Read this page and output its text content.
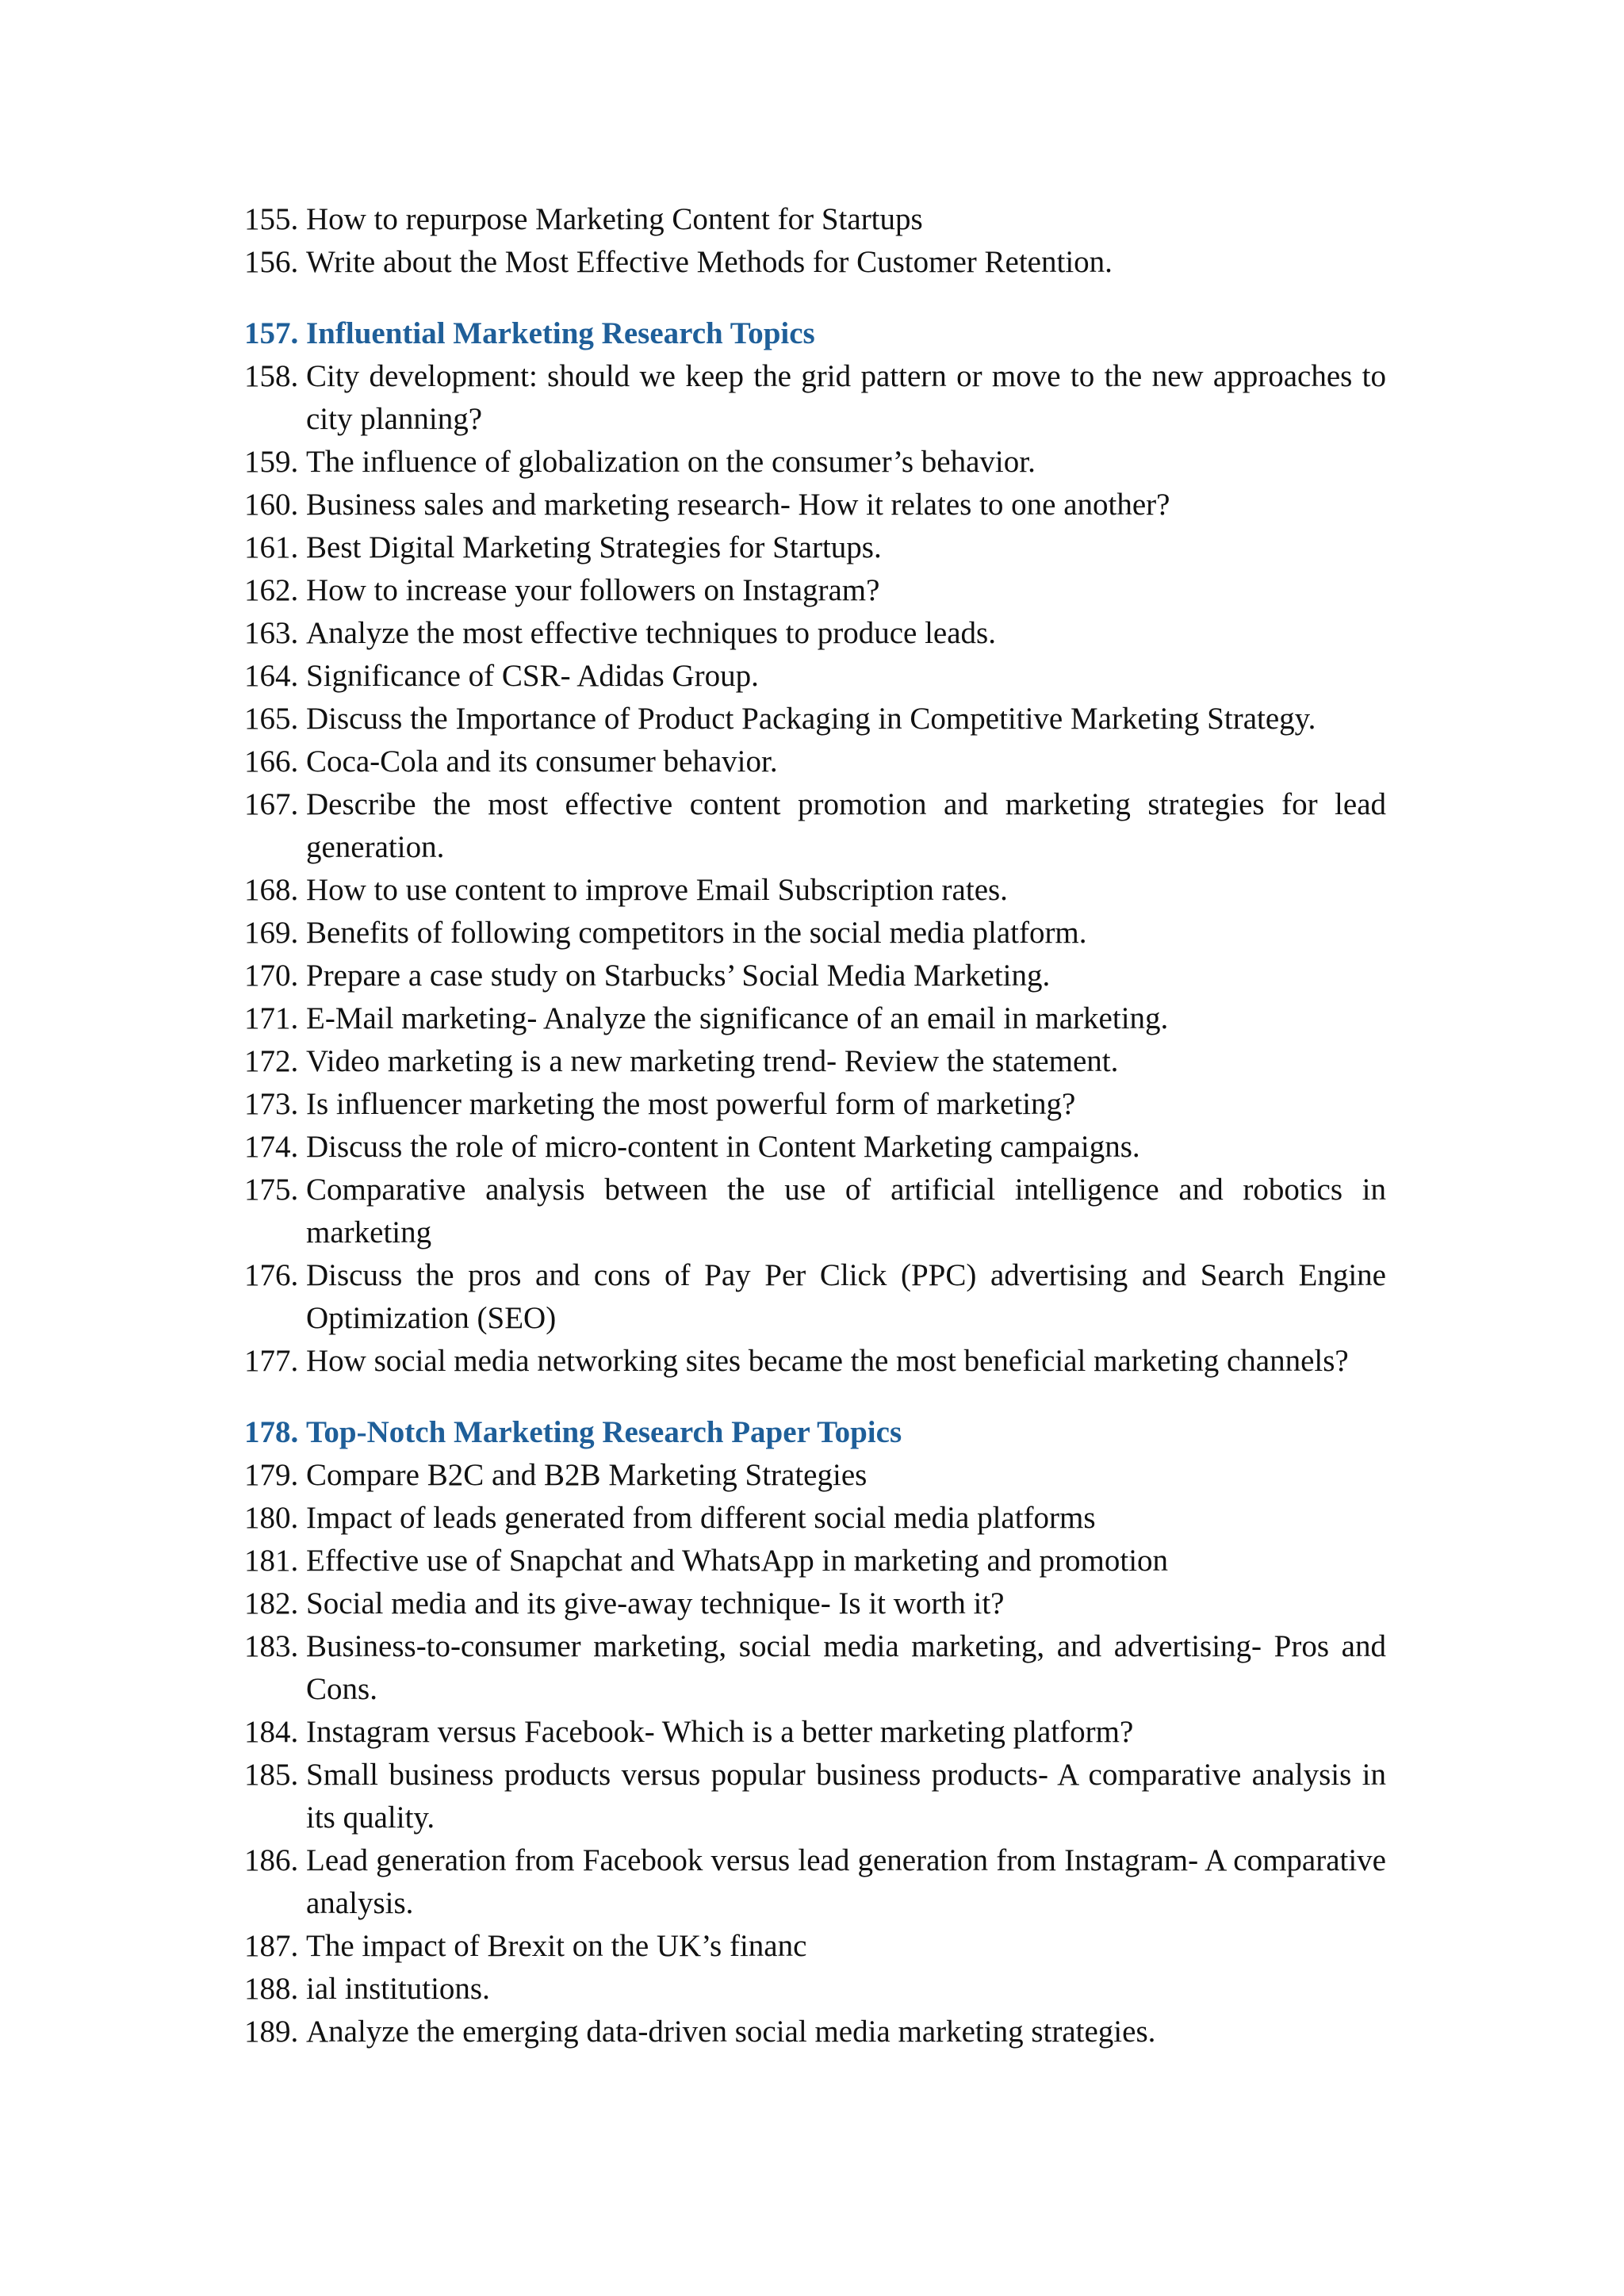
155. How to repurpose Marketing Content for Startups
156. Write about the Most Effective Methods for Customer Retention.
157. Influential Marketing Research Topics
158. City development: should we keep the grid pattern or move to the new approaches to city planning?
159. The influence of globalization on the consumer’s behavior.
160. Business sales and marketing research- How it relates to one another?
161. Best Digital Marketing Strategies for Startups.
162. How to increase your followers on Instagram?
163. Analyze the most effective techniques to produce leads.
164. Significance of CSR- Adidas Group.
165. Discuss the Importance of Product Packaging in Competitive Marketing Strategy.
166. Coca-Cola and its consumer behavior.
167. Describe the most effective content promotion and marketing strategies for lead generation.
168. How to use content to improve Email Subscription rates.
169. Benefits of following competitors in the social media platform.
170. Prepare a case study on Starbucks’ Social Media Marketing.
171. E-Mail marketing- Analyze the significance of an email in marketing.
172. Video marketing is a new marketing trend- Review the statement.
173. Is influencer marketing the most powerful form of marketing?
174. Discuss the role of micro-content in Content Marketing campaigns.
175. Comparative analysis between the use of artificial intelligence and robotics in marketing
176. Discuss the pros and cons of Pay Per Click (PPC) advertising and Search Engine Optimization (SEO)
177. How social media networking sites became the most beneficial marketing channels?
178. Top-Notch Marketing Research Paper Topics
179. Compare B2C and B2B Marketing Strategies
180. Impact of leads generated from different social media platforms
181. Effective use of Snapchat and WhatsApp in marketing and promotion
182. Social media and its give-away technique- Is it worth it?
183. Business-to-consumer marketing, social media marketing, and advertising- Pros and Cons.
184. Instagram versus Facebook- Which is a better marketing platform?
185. Small business products versus popular business products- A comparative analysis in its quality.
186. Lead generation from Facebook versus lead generation from Instagram- A comparative analysis.
187. The impact of Brexit on the UK’s financ
188. ial institutions.
189. Analyze the emerging data-driven social media marketing strategies.
